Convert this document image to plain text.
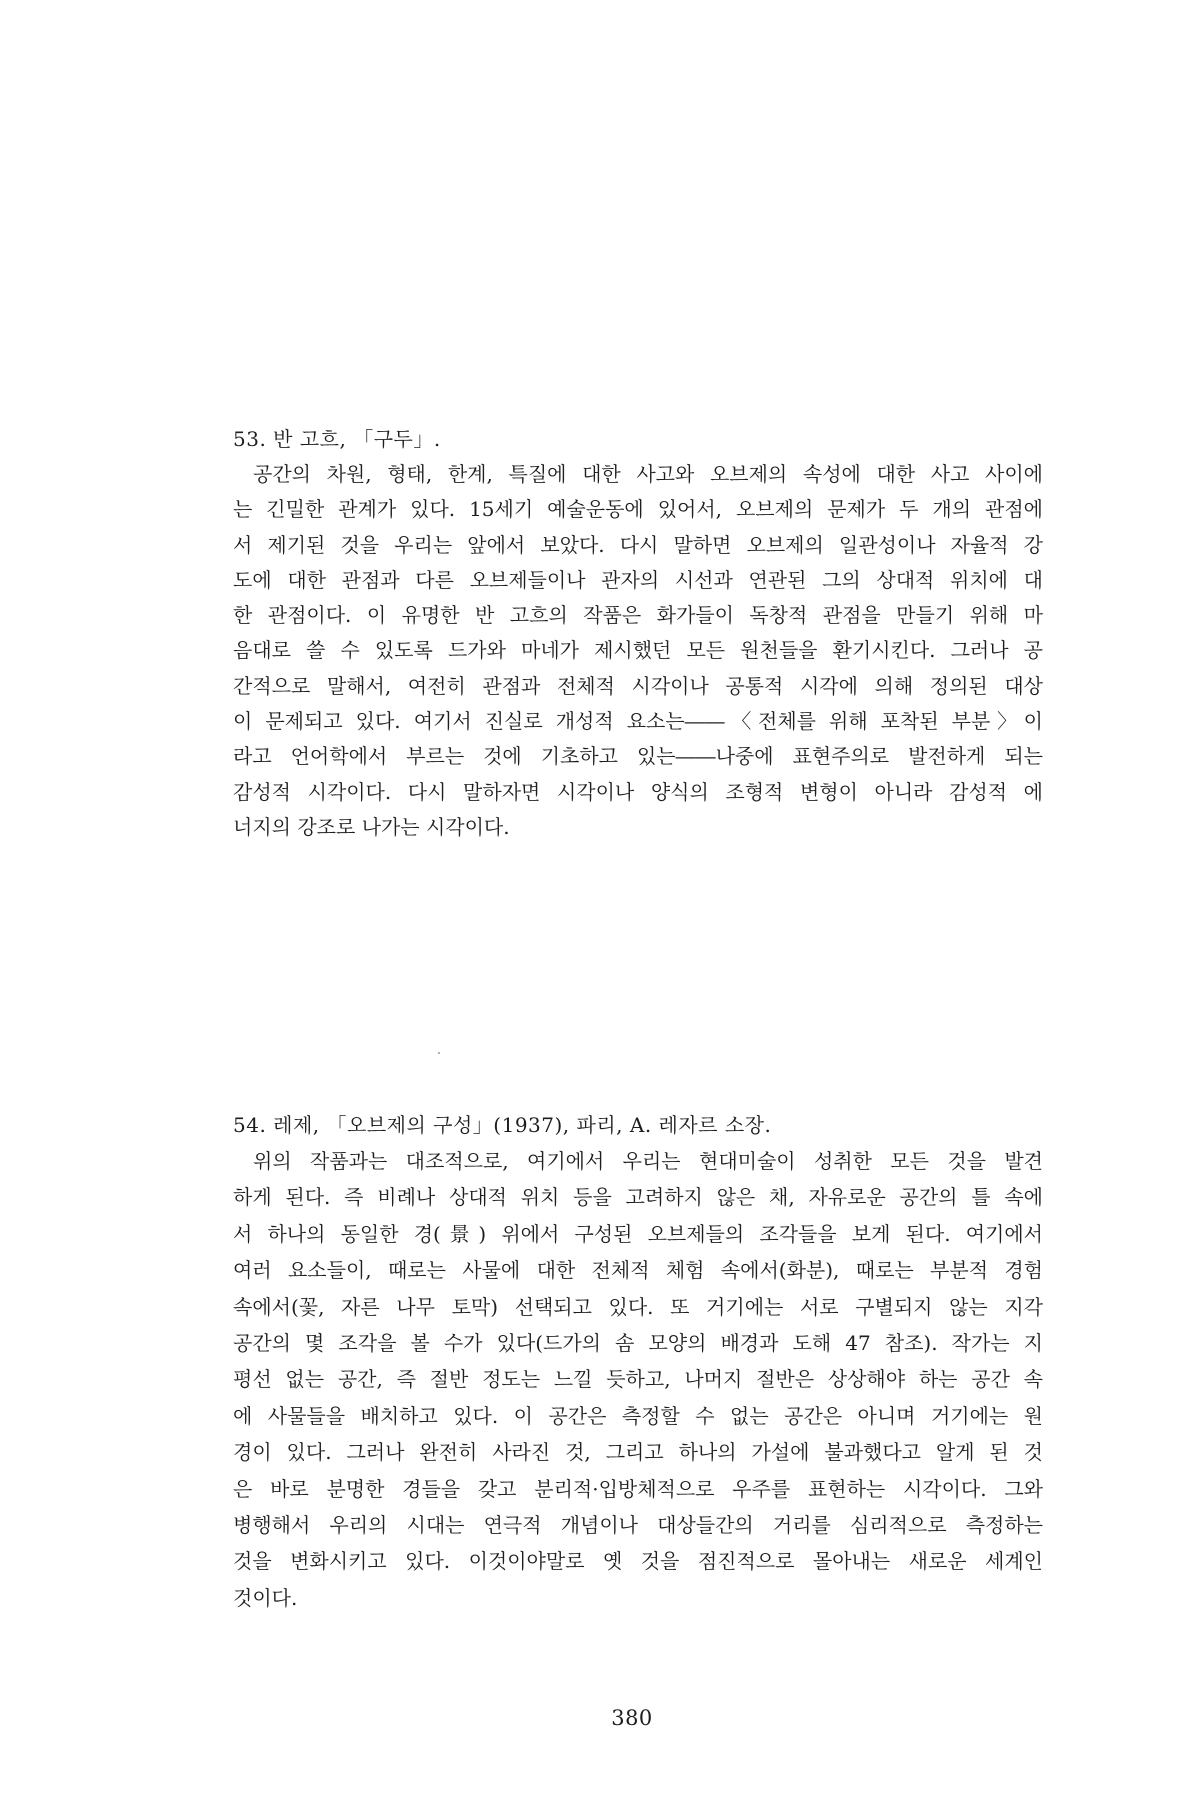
53. 반 고흐, 「구두」.

공간의 차원, 형태, 한계, 특질에 대한 사고와 오브제의 속성에 대한 사고 사이에

는 긴밀한 관계가 있다. 15세기 예술운동에 있어서, 오브제의 문제가 두 개의 관점에

서 제기된 것을 우리는 앞에서 보았다. 다시 말하면 오브제의 일관성이나 자율적 강

도에 대한 관점과 다른 오브제들이나 관자의 시선과 연관된 그의 상대적 위치에 대

한 관점이다. 이 유명한 반 고흐의 작품은 화가들이 독창적 관점을 만들기 위해 마

음대로 쓸 수 있도록 드가와 마네가 제시했던 모든 원천들을 환기시킨다. 그러나 공

간적으로 말해서, 여전히 관점과 전체적 시각이나 공통적 시각에 의해 정의된 대상

이 문제되고 있다. 여기서 진실로 개성적 요소는――〈전체를 위해 포착된 부분〉이

라고 언어학에서 부르는 것에 기초하고 있는――나중에 표현주의로 발전하게 되는

감성적 시각이다. 다시 말하자면 시각이나 양식의 조형적 변형이 아니라 감성적 에

너지의 강조로 나가는 시각이다.

54. 레제, 「오브제의 구성」(1937), 파리, A. 레자르 소장.

위의 작품과는 대조적으로, 여기에서 우리는 현대미술이 성취한 모든 것을 발견

하게 된다. 즉 비례나 상대적 위치 등을 고려하지 않은 채, 자유로운 공간의 틀 속에

서 하나의 동일한 경(景) 위에서 구성된 오브제들의 조각들을 보게 된다. 여기에서

여러 요소들이, 때로는 사물에 대한 전체적 체험 속에서(화분), 때로는 부분적 경험

속에서(꽃, 자른 나무 토막) 선택되고 있다. 또 거기에는 서로 구별되지 않는 지각

공간의 몇 조각을 볼 수가 있다(드가의 솜 모양의 배경과 도해 47 참조). 작가는 지

평선 없는 공간, 즉 절반 정도는 느낄 듯하고, 나머지 절반은 상상해야 하는 공간 속

에 사물들을 배치하고 있다. 이 공간은 측정할 수 없는 공간은 아니며 거기에는 원

경이 있다. 그러나 완전히 사라진 것, 그리고 하나의 가설에 불과했다고 알게 된 것

은 바로 분명한 경들을 갖고 분리적·입방체적으로 우주를 표현하는 시각이다. 그와

병행해서 우리의 시대는 연극적 개념이나 대상들간의 거리를 심리적으로 측정하는

것을 변화시키고 있다. 이것이야말로 옛 것을 점진적으로 몰아내는 새로운 세계인

것이다.

380
